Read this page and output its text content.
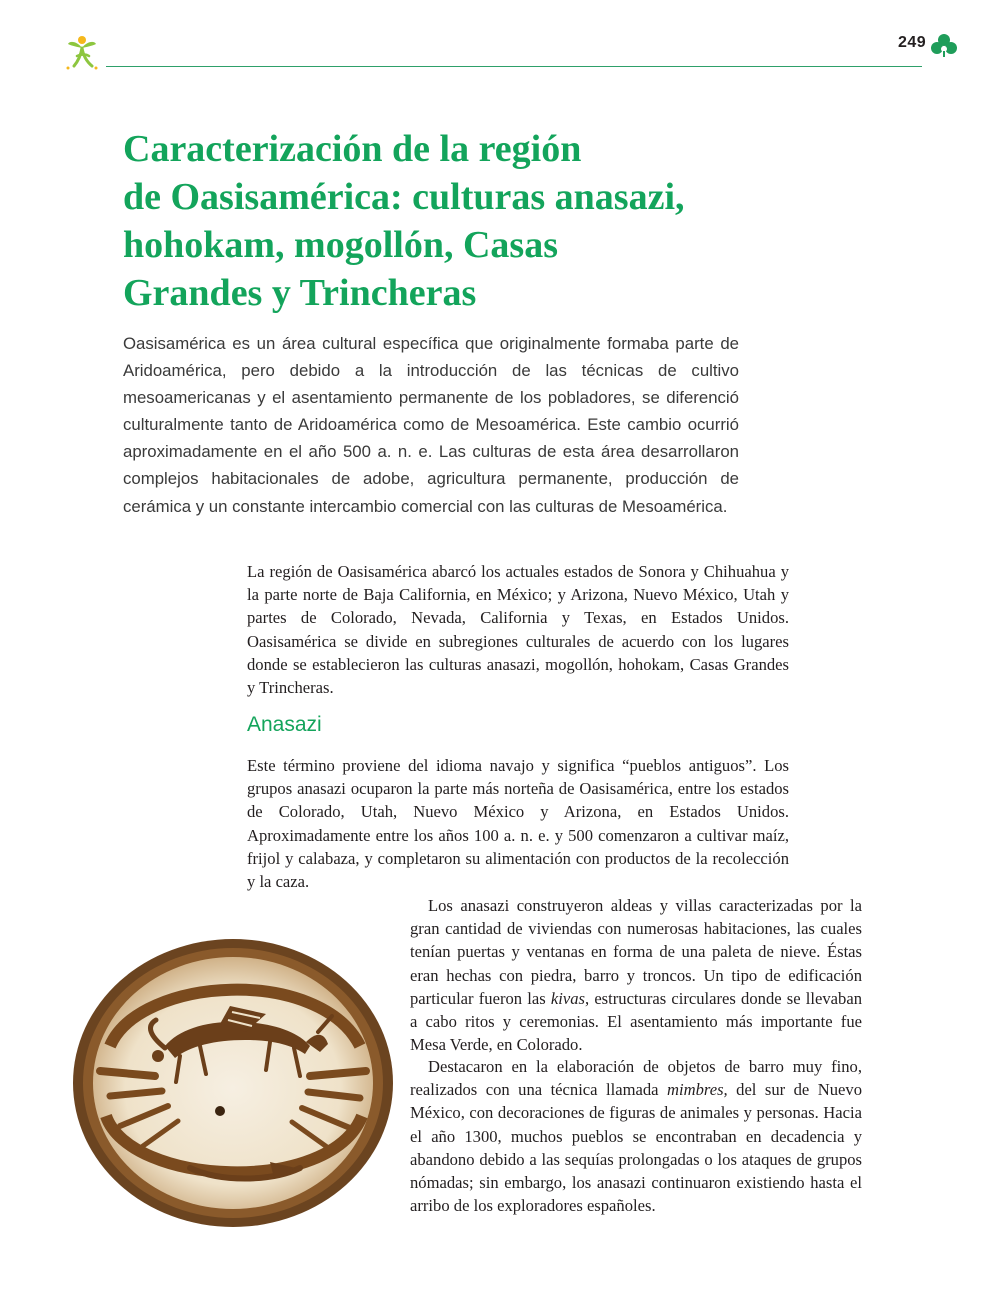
249
Caracterización de la región
de Oasisamérica: culturas anasazi,
hohokam, mogollón, Casas
Grandes y Trincheras

Oasisamérica es un área cultural específica que originalmente formaba parte de Aridoamérica, pero debido a la introducción de las técnicas de cultivo mesoamericanas y el asentamiento permanente de los pobladores, se diferenció culturalmente tanto de Aridoamérica como de Mesoamérica. Este cambio ocurrió aproximadamente en el año 500 a. n. e. Las culturas de esta área desarrollaron complejos habitacionales de adobe, agricultura permanente, producción de cerámica y un constante intercambio comercial con las culturas de Mesoamérica.

La región de Oasisamérica abarcó los actuales estados de Sonora y Chihuahua y la parte norte de Baja California, en México; y Arizona, Nuevo México, Utah y partes de Colorado, Nevada, California y Texas, en Estados Unidos. Oasisamérica se divide en subregiones culturales de acuerdo con los lugares donde se establecieron las culturas anasazi, mogollón, hohokam, Casas Grandes y Trincheras.

Anasazi

Este término proviene del idioma navajo y significa “pueblos antiguos”. Los grupos anasazi ocuparon la parte más norteña de Oasisamérica, entre los estados de Colorado, Utah, Nuevo México y Arizona, en Estados Unidos. Aproximadamente entre los años 100 a. n. e. y 500 comenzaron a cultivar maíz, frijol y calabaza, y completaron su alimentación con productos de la recolección y la caza.

Los anasazi construyeron aldeas y villas caracterizadas por la gran cantidad de viviendas con numerosas habitaciones, las cuales tenían puertas y ventanas en forma de una paleta de nieve. Éstas eran hechas con piedra, barro y troncos. Un tipo de edificación particular fueron las kivas, estructuras circulares donde se llevaban a cabo ritos y ceremonias. El asentamiento más importante fue Mesa Verde, en Colorado.

Destacaron en la elaboración de objetos de barro muy fino, realizados con una técnica llamada mimbres, del sur de Nuevo México, con decoraciones de figuras de animales y personas. Hacia el año 1300, muchos pueblos se encontraban en decadencia y abandono debido a las sequías prolongadas o los ataques de grupos nómadas; sin embargo, los anasazi continuaron existiendo hasta el arribo de los exploradores españoles.
